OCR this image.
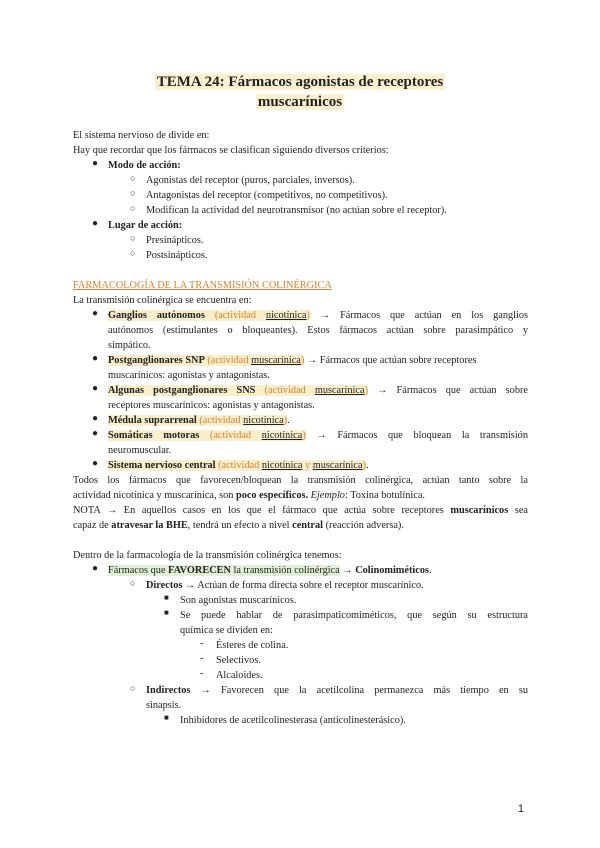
TEMA 24: Fármacos agonistas de receptores
muscarínicos
El sistema nervioso de divide en:
Hay que recordar que los fármacos se clasifican siguiendo diversos criterios:
● Modo de acción:
○ Agonistas del receptor (puros, parciales, inversos).
○ Antagonistas del receptor (competitivos, no competitivos).
○ Modifican la actividad del neurotransmisor (no actúan sobre el receptor).
● Lugar de acción:
○ Presinápticos.
○ Postsinápticos.
FARMACOLOGÍA DE LA TRANSMISIÓN COLINÉRGICA
La transmisión colinérgica se encuentra en:
● Ganglios autónomos (actividad nicotínica) → Fármacos que actúan en los ganglios
autónomos (estimulantes o bloqueantes). Estos fármacos actúan sobre parasimpático y
simpático.
● Postganglionares SNP (actividad muscarínica) → Fármacos que actúan sobre receptores
muscarínicos: agonistas y antagonistas.
● Algunas postganglionares SNS (actividad muscarínica) → Fármacos que actúan sobre
receptores muscarínicos: agonistas y antagonistas.
● Médula suprarrenal (actividad nicotínica).
● Somáticas motoras (actividad nicotínica) → Fármacos que bloquean la transmisión
neuromuscular.
● Sistema nervioso central (actividad nicotínica y muscarínica).
Todos los fármacos que favorecen/bloquean la transmisión colinérgica, actúan tanto sobre la
actividad nicotínica y muscarínica, son poco específicos. Ejemplo: Toxina botulínica.
NOTA → En aquellos casos en los que el fármaco que actúa sobre receptores muscarínicos sea
capaz de atravesar la BHE, tendrá un efecto a nivel central (reacción adversa).
Dentro de la farmacología de la transmisión colinérgica tenemos:
● Fármacos que FAVORECEN la transmisión colinérgica → Colinomiméticos.
○ Directos → Actúan de forma directa sobre el receptor muscarínico.
■ Son agonistas muscarínicos.
■ Se puede hablar de parasimpaticomiméticos, que según su estructura
química se dividen en:
- Ésteres de colina.
- Selectivos.
- Alcaloides.
○ Indirectos → Favorecen que la acetilcolina permanezca más tiempo en su
sinapsis.
■ Inhibidores de acetilcolinesterasa (anticolinesterásico).
1
